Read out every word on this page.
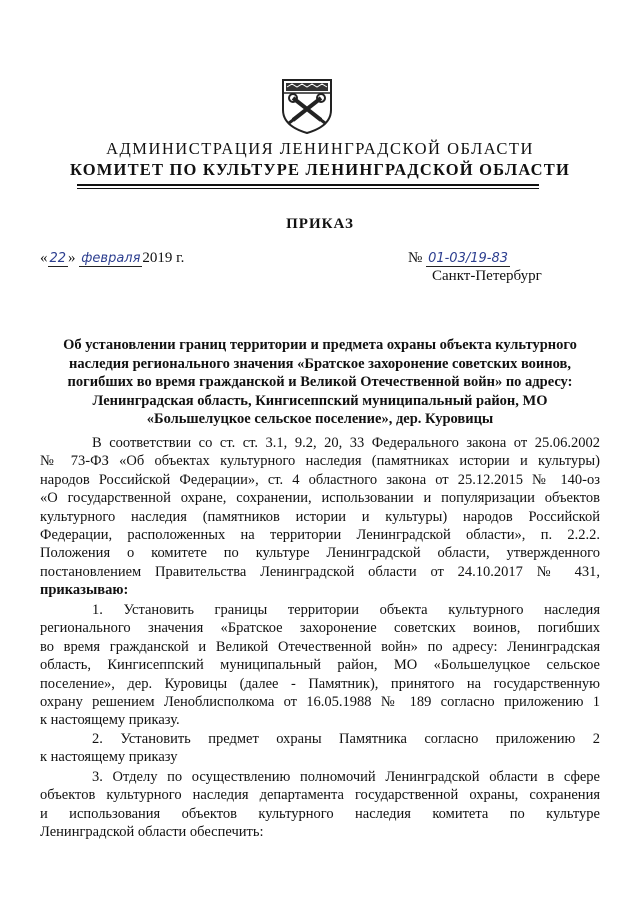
АДМИНИСТРАЦИЯ ЛЕНИНГРАДСКОЙ ОБЛАСТИ
КОМИТЕТ ПО КУЛЬТУРЕ ЛЕНИНГРАДСКОЙ ОБЛАСТИ
ПРИКАЗ
« 22 » февраля 2019 г.	№ 01-03/19-83
Санкт-Петербург
Об установлении границ территории и предмета охраны объекта культурного
наследия регионального значения «Братское захоронение советских воинов,
погибших во время гражданской и Великой Отечественной войн» по адресу:
Ленинградская область, Кингисеппский муниципальный район, МО
«Большелуцкое сельское поселение», дер. Куровицы
В соответствии со ст. ст. 3.1, 9.2, 20, 33 Федерального закона от 25.06.2002
№ 73-ФЗ «Об объектах культурного наследия (памятниках истории и культуры)
народов Российской Федерации», ст. 4 областного закона от 25.12.2015 № 140-оз
«О государственной охране, сохранении, использовании и популяризации объектов
культурного наследия (памятников истории и культуры) народов Российской
Федерации, расположенных на территории Ленинградской области», п. 2.2.2.
Положения о комитете по культуре Ленинградской области, утвержденного
постановлением Правительства Ленинградской области от 24.10.2017 № 431,
приказываю:
1. Установить границы территории объекта культурного наследия
регионального значения «Братское захоронение советских воинов, погибших
во время гражданской и Великой Отечественной войн» по адресу: Ленинградская
область, Кингисеппский муниципальный район, МО «Большелуцкое сельское
поселение», дер. Куровицы (далее - Памятник), принятого на государственную
охрану решением Леноблисполкома от 16.05.1988 № 189 согласно приложению 1
к настоящему приказу.
2. Установить предмет охраны Памятника согласно приложению 2
к настоящему приказу
3. Отделу по осуществлению полномочий Ленинградской области в сфере
объектов культурного наследия департамента государственной охраны, сохранения
и использования объектов культурного наследия комитета по культуре
Ленинградской области обеспечить:
